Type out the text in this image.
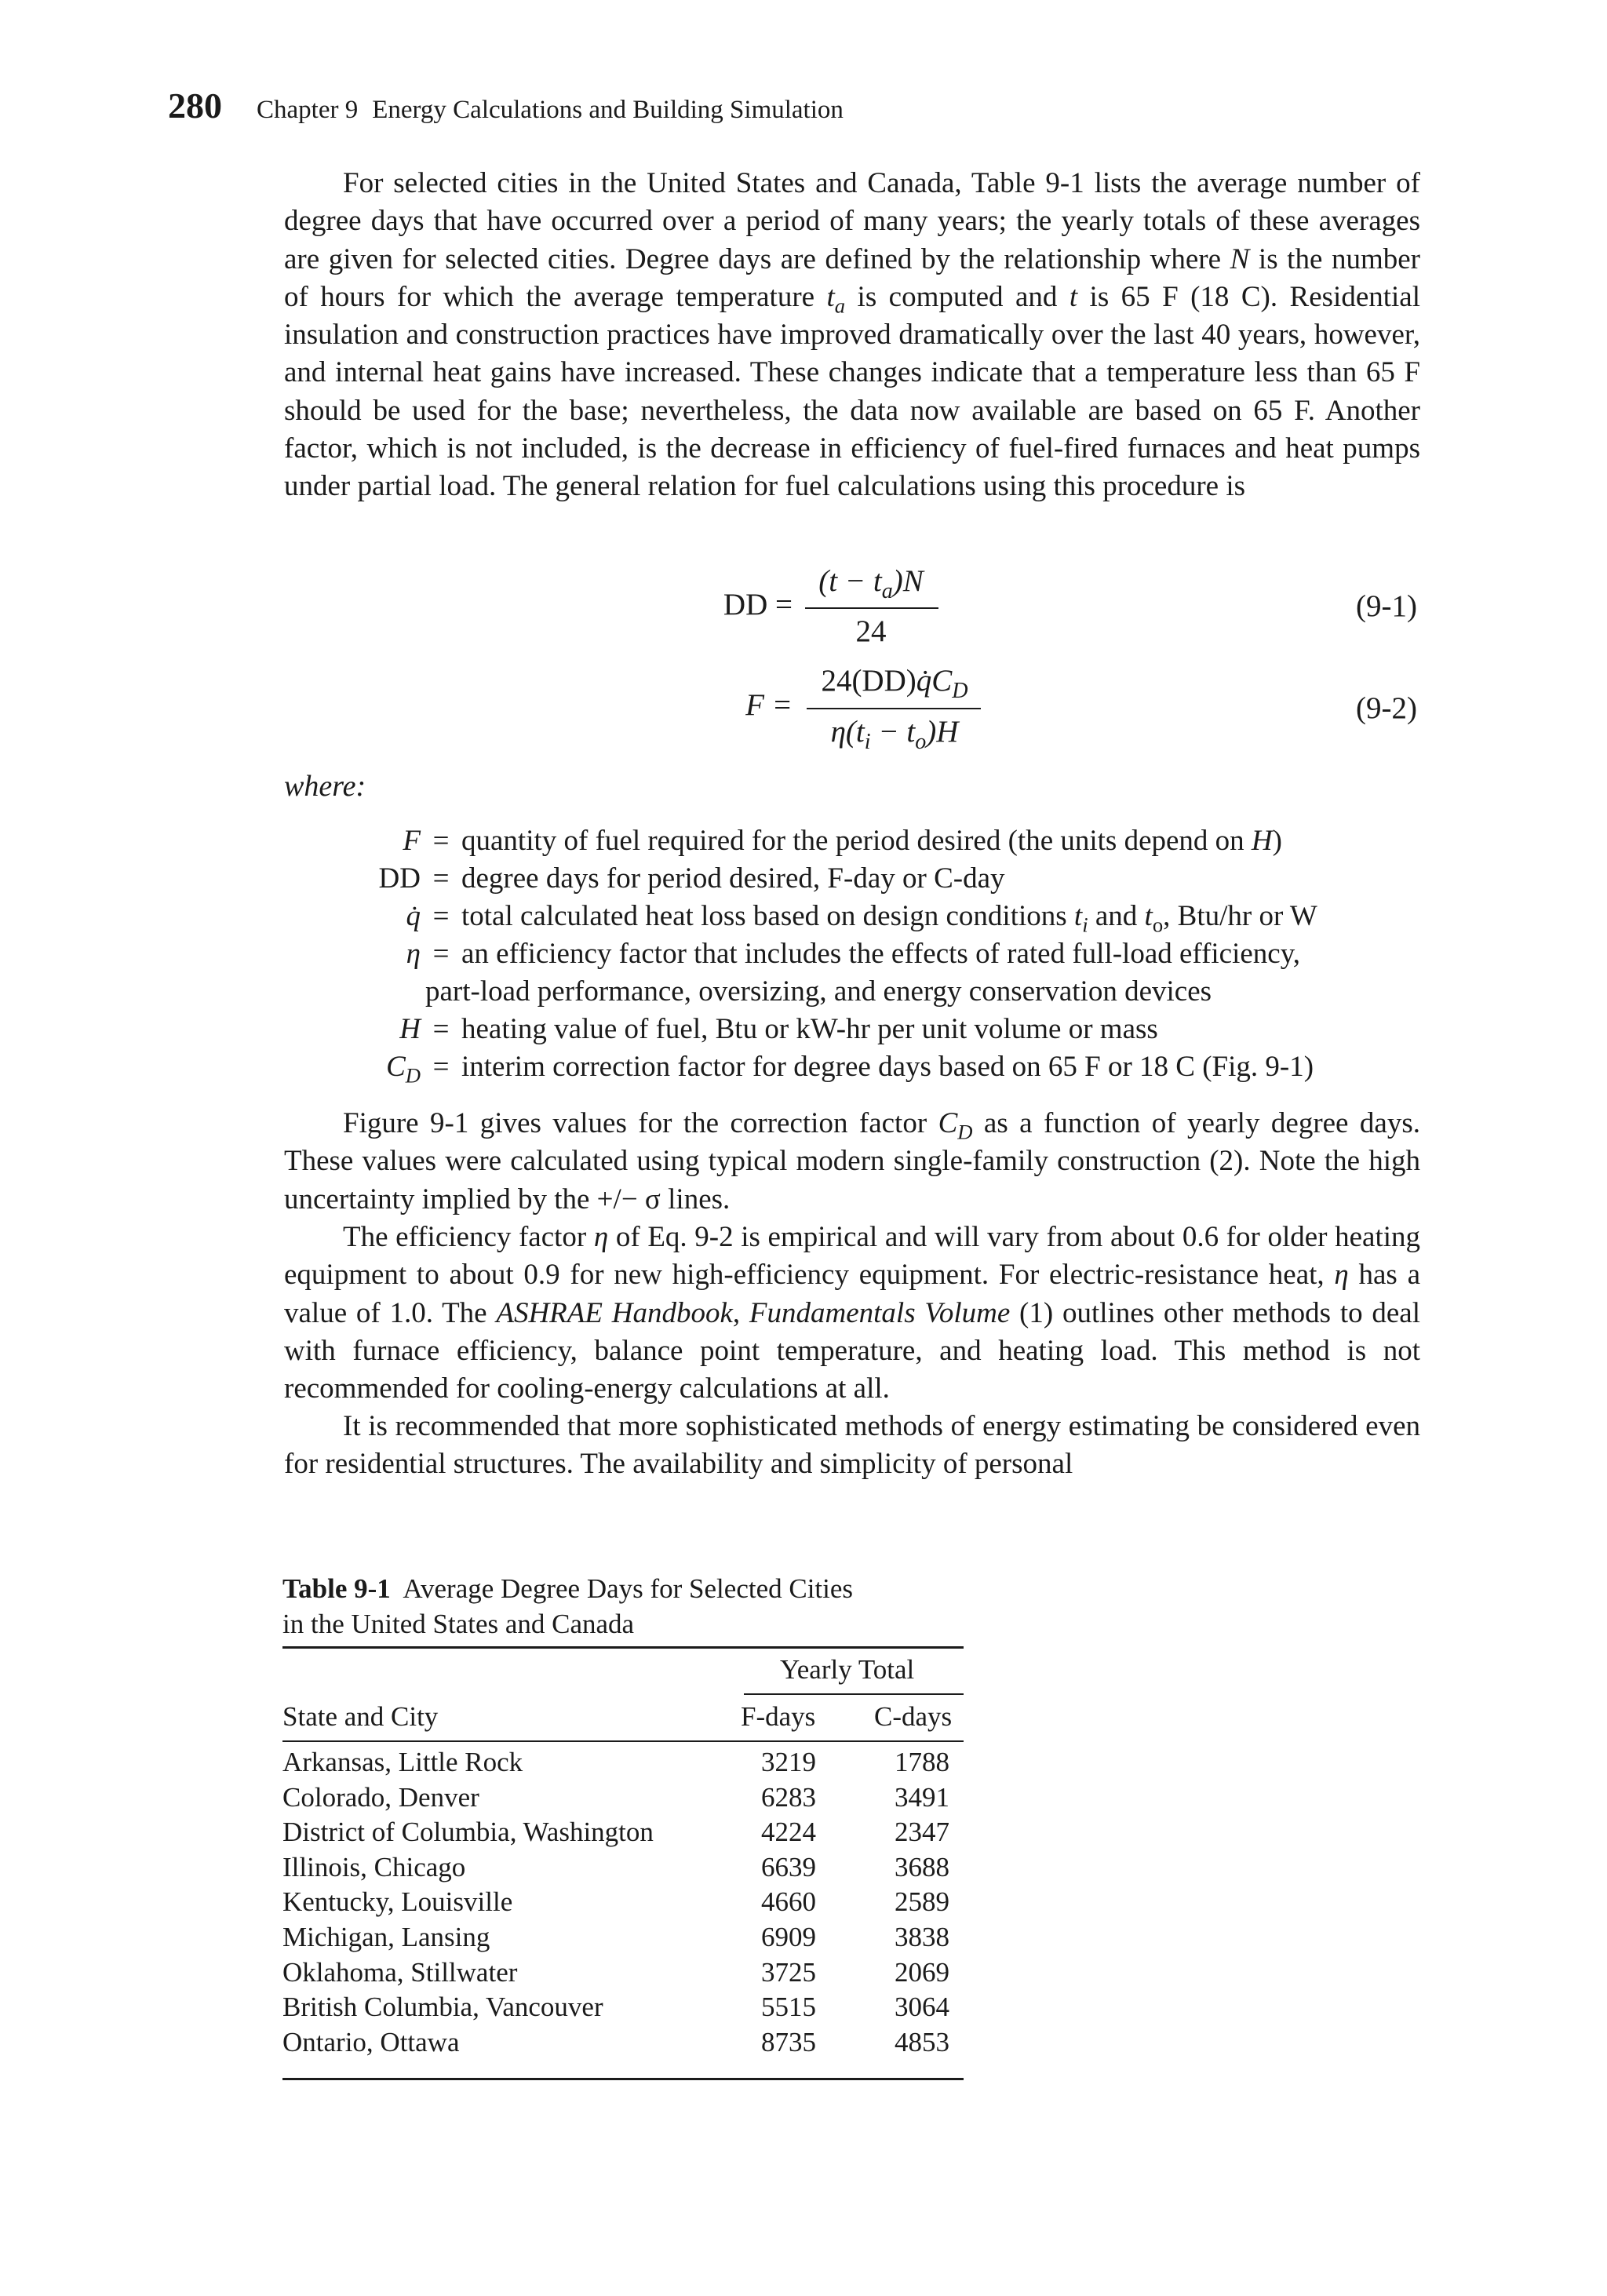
280 Chapter 9 Energy Calculations and Building Simulation

For selected cities in the United States and Canada, Table 9-1 lists the average number of degree days that have occurred over a period of many years; the yearly totals of these averages are given for selected cities. Degree days are defined by the relationship where N is the number of hours for which the average temperature $t_a$ is computed and t is 65 F (18 C). Residential insulation and construction practices have improved dramatically over the last 40 years, however, and internal heat gains have increased. These changes indicate that a temperature less than 65 F should be used for the base; nevertheless, the data now available are based on 65 F. Another factor, which is not included, is the decrease in efficiency of fuel-fired furnaces and heat pumps under partial load. The general relation for fuel calculations using this procedure is

DD =
$(t - t_a)N$
24
(9-1)
F =
$24(DD)q̇C_D$
$\eta(t_i - t_o)H$
(9-2)
where:
F = quantity of fuel required for the period desired (the units depend on H)
DD = degree days for period desired, F-day or C-day
q̇ = total calculated heat loss based on design conditions $t_i$ and $t_o$, Btu/hr or W
η = an efficiency factor that includes the effects of rated full-load efficiency,
part-load performance, oversizing, and energy conservation devices
H = heating value of fuel, Btu or kW-hr per unit volume or mass
$C_D$ = interim correction factor for degree days based on 65 F or 18 C (Fig. 9-1)

Figure 9-1 gives values for the correction factor $C_D$ as a function of yearly degree days. These values were calculated using typical modern single-family construction (2). Note the high uncertainty implied by the +/− σ lines.

The efficiency factor η of Eq. 9-2 is empirical and will vary from about 0.6 for older heating equipment to about 0.9 for new high-efficiency equipment. For electric-resistance heat, η has a value of 1.0. The ASHRAE Handbook, Fundamentals Volume (1) outlines other methods to deal with furnace efficiency, balance point temperature, and heating load. This method is not recommended for cooling-energy calculations at all.

It is recommended that more sophisticated methods of energy estimating be considered even for residential structures. The availability and simplicity of personal

Table 9-1 Average Degree Days for Selected Cities
in the United States and Canada
Yearly Total
State and City	F-days C-days
Arkansas, Little Rock	3219	1788
Colorado, Denver	6283	3491
District of Columbia, Washington	4224	2347
Illinois, Chicago	6639	3688
Kentucky, Louisville	4660	2589
Michigan, Lansing	6909	3838
Oklahoma, Stillwater	3725	2069
British Columbia, Vancouver	5515	3064
Ontario, Ottawa	8735	4853
